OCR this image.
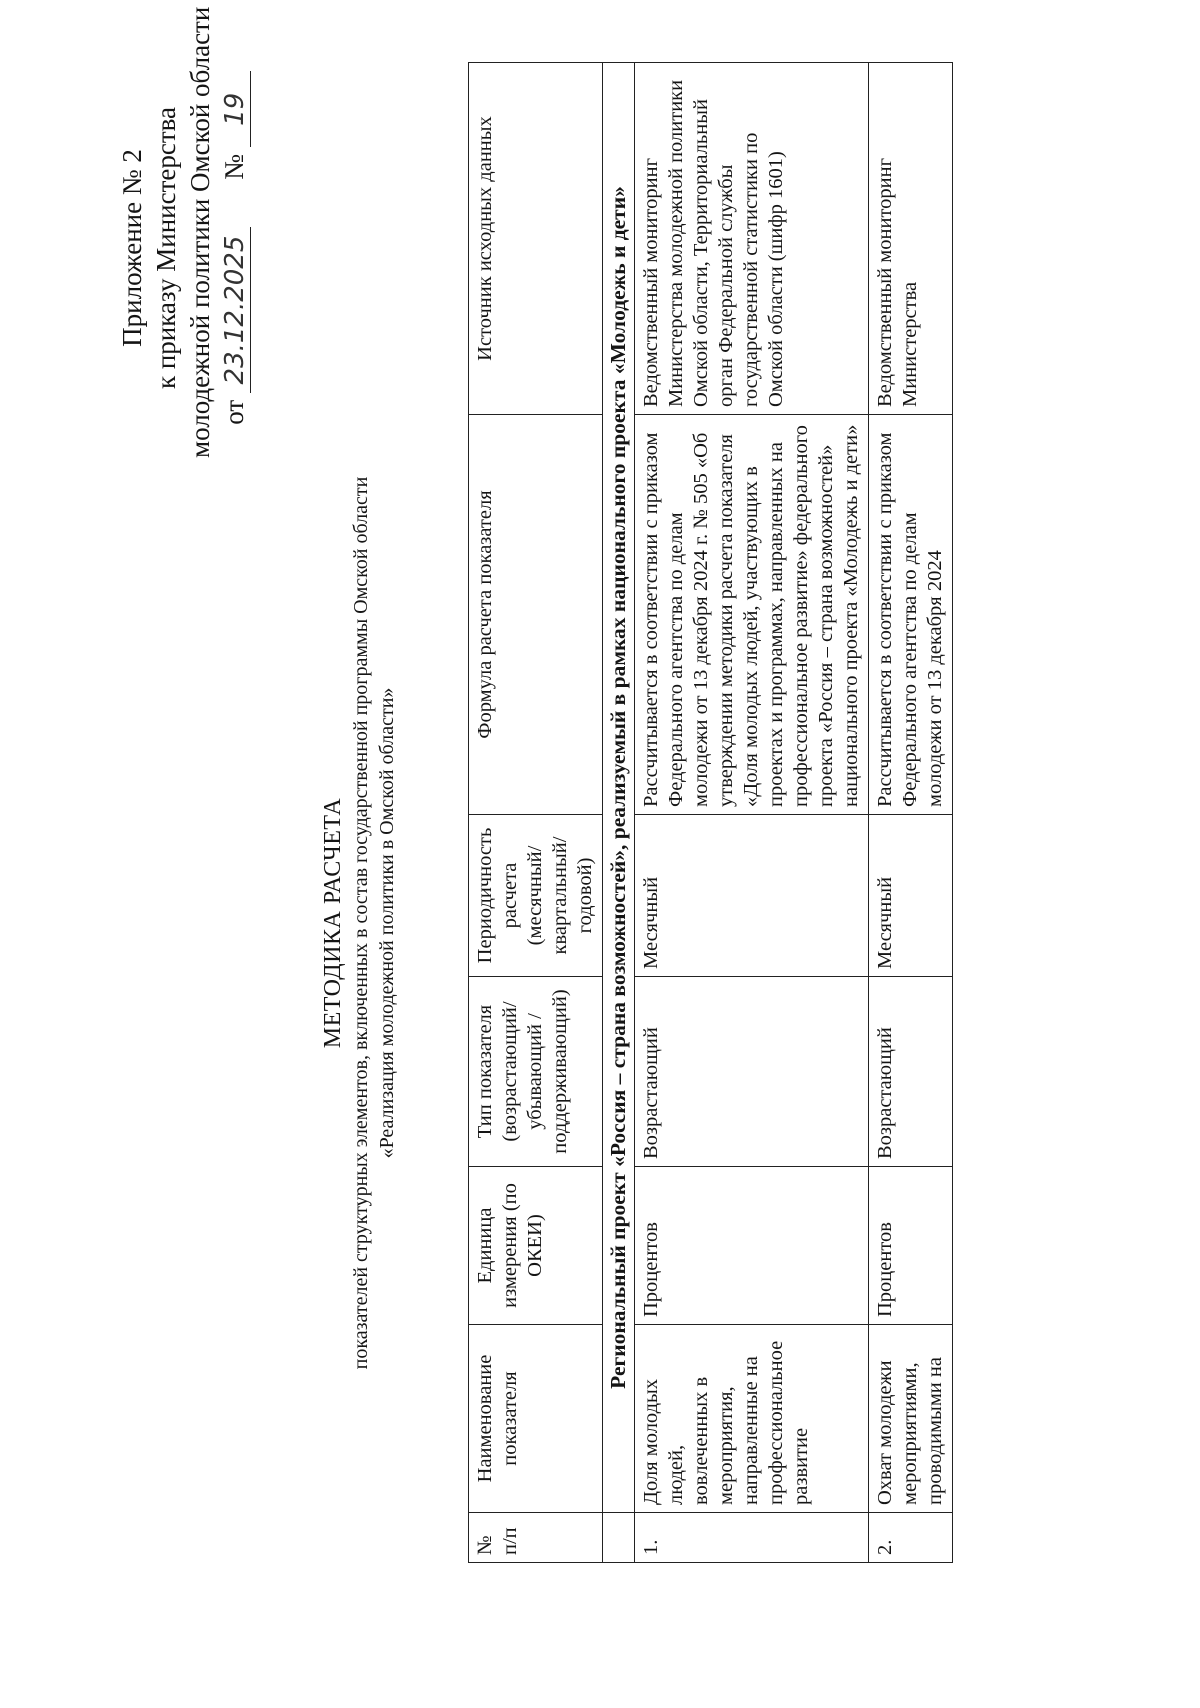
Приложение № 2 к приказу Министерства молодежной политики Омской области от 23.12.2025       № 19
МЕТОДИКА РАСЧЕТА показателей структурных элементов, включенных в состав государственной программы Омской области «Реализация молодежной политики в Омской области»
№ п/п	Наименование показателя	Единица измерения (по ОКЕИ)	Тип показателя (возрастающий/ убывающий / поддерживающий)	Периодичность расчета (месячный/ квартальный/ годовой)	Формула расчета показателя	Источник исходных данных
	Региональный проект «Россия – страна возможностей», реализуемый в рамках национального проекта «Молодежь и дети»					
1.	Доля молодых людей, вовлеченных в мероприятия, направленные на профессиональное развитие	Процентов	Возрастающий	Месячный	Рассчитывается в соответствии с приказом Федерального агентства по делам молодежи от 13 декабря 2024 г. № 505 «Об утверждении методики расчета показателя «Доля молодых людей, участвующих в проектах и программах, направленных на профессиональное развитие» федерального проекта «Россия – страна возможностей» национального проекта «Молодежь и дети»	Ведомственный мониторинг Министерства молодежной политики Омской области, Территориальный орган Федеральной службы государственной статистики по Омской области (шифр 1601)
2.	Охват молодежи мероприятиями, проводимыми на	Процентов	Возрастающий	Месячный	Рассчитывается в соответствии с приказом Федерального агентства по делам молодежи от 13 декабря 2024	Ведомственный мониторинг Министерства
